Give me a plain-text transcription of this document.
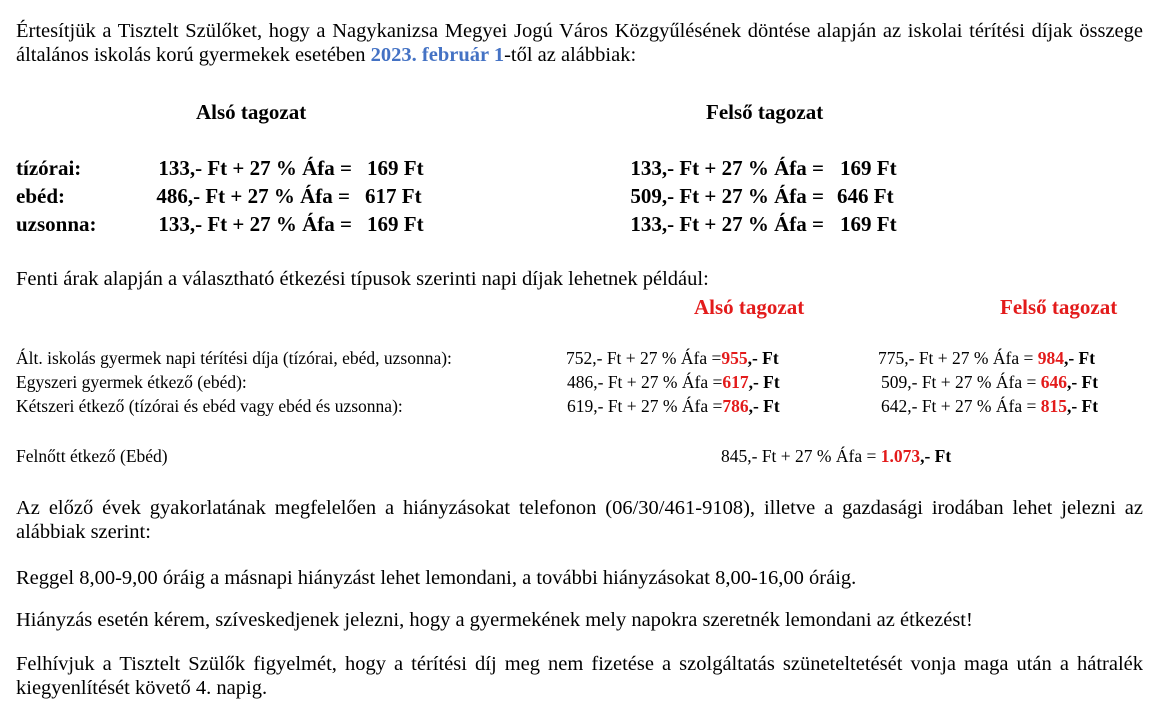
Értesítjük a Tisztelt Szülőket, hogy a Nagykanizsa Megyei Jogú Város Közgyűlésének döntése alapján az iskolai térítési díjak összege általános iskolás korú gyermekek esetében 2023. február 1-től az alábbiak:
Alsó tagozat	Felső tagozat
tízórai:	133,- Ft + 27 % Áfa = 169 Ft	133,- Ft + 27 % Áfa = 169 Ft
ebéd:	486,- Ft + 27 % Áfa = 617 Ft	509,- Ft + 27 % Áfa = 646 Ft
uzsonna:	133,- Ft + 27 % Áfa = 169 Ft	133,- Ft + 27 % Áfa = 169 Ft
Fenti árak alapján a választható étkezési típusok szerinti napi díjak lehetnek például:
Alsó tagozat	Felső tagozat
Ált. iskolás gyermek napi térítési díja (tízórai, ebéd, uzsonna):	752,- Ft + 27 % Áfa =955,- Ft	775,- Ft + 27 % Áfa = 984,- Ft
Egyszeri gyermek étkező (ebéd):	486,- Ft + 27 % Áfa =617,- Ft	509,- Ft + 27 % Áfa = 646,- Ft
Kétszeri étkező (tízórai és ebéd vagy ebéd és uzsonna):	619,- Ft + 27 % Áfa =786,- Ft	642,- Ft + 27 % Áfa = 815,- Ft
Felnőtt étkező (Ebéd)	845,- Ft + 27 % Áfa = 1.073,- Ft
Az előző évek gyakorlatának megfelelően a hiányzásokat telefonon (06/30/461-9108), illetve a gazdasági irodában lehet jelezni az alábbiak szerint:
Reggel 8,00-9,00 óráig a másnapi hiányzást lehet lemondani, a további hiányzásokat 8,00-16,00 óráig.
Hiányzás esetén kérem, szíveskedjenek jelezni, hogy a gyermekének mely napokra szeretnék lemondani az étkezést!
Felhívjuk a Tisztelt Szülők figyelmét, hogy a térítési díj meg nem fizetése a szolgáltatás szüneteltetését vonja maga után a hátralék kiegyenlítését követő 4. napig.
